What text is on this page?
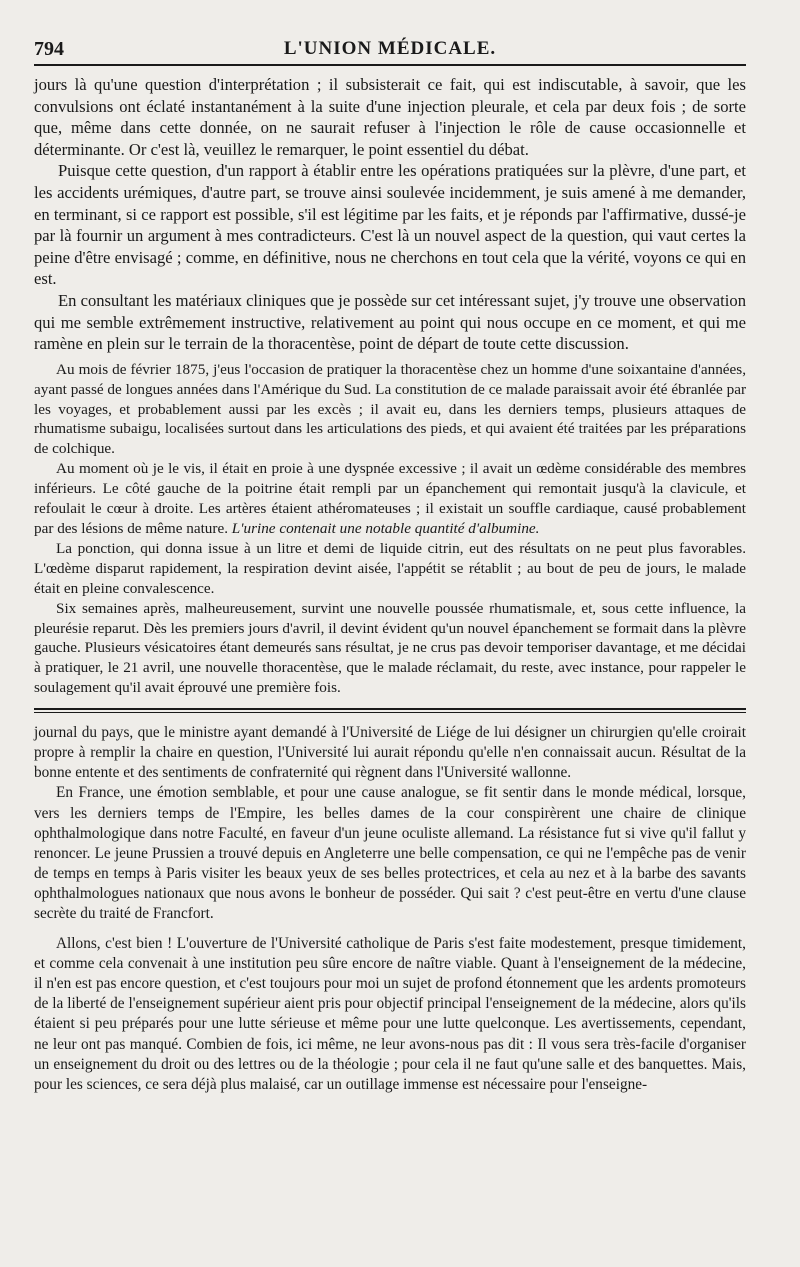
794	L'UNION MÉDICALE.

jours là qu'une question d'interprétation ; il subsisterait ce fait, qui est indiscutable, à savoir, que les convulsions ont éclaté instantanément à la suite d'une injection pleurale, et cela par deux fois ; de sorte que, même dans cette donnée, on ne saurait refuser à l'injection le rôle de cause occasionnelle et déterminante. Or c'est là, veuillez le remarquer, le point essentiel du débat.

Puisque cette question, d'un rapport à établir entre les opérations pratiquées sur la plèvre, d'une part, et les accidents urémiques, d'autre part, se trouve ainsi soulevée incidemment, je suis amené à me demander, en terminant, si ce rapport est possible, s'il est légitime par les faits, et je réponds par l'affirmative, dussé-je par là fournir un argument à mes contradicteurs. C'est là un nouvel aspect de la question, qui vaut certes la peine d'être envisagé ; comme, en définitive, nous ne cherchons en tout cela que la vérité, voyons ce qui en est.

En consultant les matériaux cliniques que je possède sur cet intéressant sujet, j'y trouve une observation qui me semble extrêmement instructive, relativement au point qui nous occupe en ce moment, et qui me ramène en plein sur le terrain de la thoracentèse, point de départ de toute cette discussion.

Au mois de février 1875, j'eus l'occasion de pratiquer la thoracentèse chez un homme d'une soixantaine d'années, ayant passé de longues années dans l'Amérique du Sud. La constitution de ce malade paraissait avoir été ébranlée par les voyages, et probablement aussi par les excès ; il avait eu, dans les derniers temps, plusieurs attaques de rhumatisme subaigu, localisées surtout dans les articulations des pieds, et qui avaient été traitées par les préparations de colchique.

Au moment où je le vis, il était en proie à une dyspnée excessive ; il avait un œdème considérable des membres inférieurs. Le côté gauche de la poitrine était rempli par un épanchement qui remontait jusqu'à la clavicule, et refoulait le cœur à droite. Les artères étaient athéromateuses ; il existait un souffle cardiaque, causé probablement par des lésions de même nature. L'urine contenait une notable quantité d'albumine.

La ponction, qui donna issue à un litre et demi de liquide citrin, eut des résultats on ne peut plus favorables. L'œdème disparut rapidement, la respiration devint aisée, l'appétit se rétablit ; au bout de peu de jours, le malade était en pleine convalescence.

Six semaines après, malheureusement, survint une nouvelle poussée rhumatismale, et, sous cette influence, la pleurésie reparut. Dès les premiers jours d'avril, il devint évident qu'un nouvel épanchement se formait dans la plèvre gauche. Plusieurs vésicatoires étant demeurés sans résultat, je ne crus pas devoir temporiser davantage, et me décidai à pratiquer, le 21 avril, une nouvelle thoracentèse, que le malade réclamait, du reste, avec instance, pour rappeler le soulagement qu'il avait éprouvé une première fois.

journal du pays, que le ministre ayant demandé à l'Université de Liége de lui désigner un chirurgien qu'elle croirait propre à remplir la chaire en question, l'Université lui aurait répondu qu'elle n'en connaissait aucun. Résultat de la bonne entente et des sentiments de confraternité qui règnent dans l'Université wallonne.

En France, une émotion semblable, et pour une cause analogue, se fit sentir dans le monde médical, lorsque, vers les derniers temps de l'Empire, les belles dames de la cour conspirèrent une chaire de clinique ophthalmologique dans notre Faculté, en faveur d'un jeune oculiste allemand. La résistance fut si vive qu'il fallut y renoncer. Le jeune Prussien a trouvé depuis en Angleterre une belle compensation, ce qui ne l'empêche pas de venir de temps en temps à Paris visiter les beaux yeux de ses belles protectrices, et cela au nez et à la barbe des savants ophthalmologues nationaux que nous avons le bonheur de posséder. Qui sait ? c'est peut-être en vertu d'une clause secrète du traité de Francfort.

Allons, c'est bien ! L'ouverture de l'Université catholique de Paris s'est faite modestement, presque timidement, et comme cela convenait à une institution peu sûre encore de naître viable. Quant à l'enseignement de la médecine, il n'en est pas encore question, et c'est toujours pour moi un sujet de profond étonnement que les ardents promoteurs de la liberté de l'enseignement supérieur aient pris pour objectif principal l'enseignement de la médecine, alors qu'ils étaient si peu préparés pour une lutte sérieuse et même pour une lutte quelconque. Les avertissements, cependant, ne leur ont pas manqué. Combien de fois, ici même, ne leur avons-nous pas dit : Il vous sera très-facile d'organiser un enseignement du droit ou des lettres ou de la théologie ; pour cela il ne faut qu'une salle et des banquettes. Mais, pour les sciences, ce sera déjà plus malaisé, car un outillage immense est nécessaire pour l'enseigne-
